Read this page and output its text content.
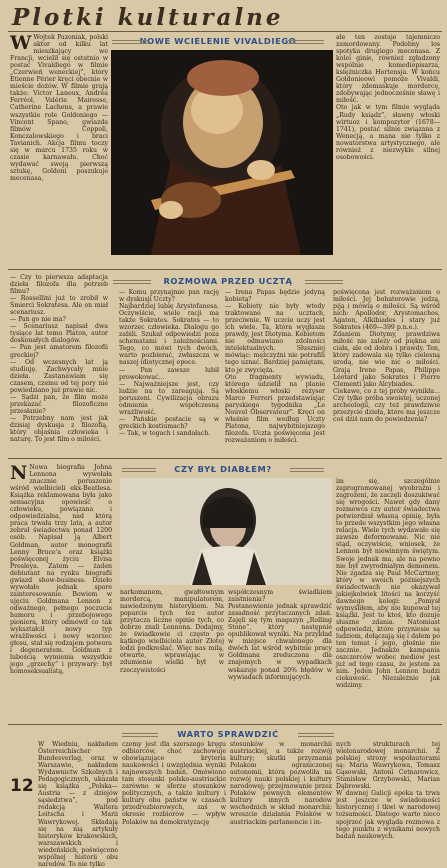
Plotki kulturalne
NOWE WCIELENIE VIVALDIEGO
W Wojtek Pazoniak, polski aktor od kilku lat mieszkający we Francji, wcielił się ostatnio w postać Vivaldiego w filmie „Czerwień weneckiej”, który Etienne Périer kręci obecnie w mieście dożów. W filmie grają także: Victor Lanoux, Andréa Ferréol, Valérie Mairesse, Catherine Lachens, a prawie wszystkie role Goldoniego — Vincent Spano, gwiazda filmów Coppoli, Konczalowskiego i braci Tavianich. Akcja filmu toczy się w marcu 1735 roku w czasie karnawału. Choć wydawać swoją pierwszą sztukę, Goldoni poszukuje mecenasa,
ale ten zostaje tajemniczo zamordowany. Podobny los spotyka drugiego mecenasa. Z kolei ginie, również zgładzony wspólnie komediopisarza, księżniczka Hortensja. W końcu Goldonieowi pomoże Vivaldi, który zdemaskuje mordercę, zdobywając jednocześnie sławę i miłość.
Oto jak w tym filmie wygląda „Rudy ksiądz”, sławny włoski wirtuoz i kompozytor (1678—1741), postać silnie związana z Wenecją, a mana nie tylko z nowatorstwa artystycznego, ale również z niezwykle silnej osobowości.
ROZMOWA PRZED UCZTĄ
— Czy to pierwsza adaptacja dzieła filozofa dla potrzeb filmu?
— Rossellini już to zrobił w Śmierci Sokratesa. Ale on miał scenariusz.
— Pan go nie ma?
— Scenariusz napisał dwa tysiące lat temu Platon, autor doskonałych dialogów.
— Pan jest amatorem filozofii greckiej?
— Od wczesnych lat ją studiuję. Zachwycały mnie dzieła. Zastanawiam się czasem, czemu od tej pory nie powiedziano już prawie nic.
— Sądzi pan, że film może przekazać filozoficzne przesłanie?
— Potrzebny nam jest jak dzisiaj dyskusja z filozofią, który objaśnia człowieka i naturę. To jest film o miłości.
— Komu przynajmie pan rację w dyskusji Uczty?
Najbardziej lubię Arystofanesa. Oczywiście, wiele racji ma także Sokrates. Sokrates — to wzorzec człowieka. Dialogu go zabili. Szukał odpowiedzi poza schematami i zależnościami. Tego, co mówi tych dwóch, warto pozbierać, zwłaszcza w naszej idiotycznej epoce.
— Pan zawsze lubił prowokować...
— Najważniejsze jest, czy ludzie na to zareagują. Są poruszeni. Cywilizacja obrazu odmienia współczesną wrażliwość.
— Pańskie postacie są w greckich kostiumach?
— Tak, w togach i sandałach.
— Irena Papas będzie jedyną kobietą?
— Kobiety nie były wtedy traktowane na ucztach, przeciwnie. W uczcie uczy jest ich wiele. Ta, która wygłasza prawdy, jest Diotyma. Kobietom nie odmawiano zdolności intelektualnych. Słuszniej mówiąc: mężczyźni nie potrafili tego uznać. Bardziej pamiętam, kto je zwycięża.
Oto fragmenty wywiadu, którego udzielił na planie włoskiemu włoski reżyser Marco Ferreri przedstawiając paryskiego tygodnika „Le Nouvel Observateur”. Kręci on właśnie film według Uczty Platona, najwybitniejszego filozofa. Uczta poświęcona jest rozważaniom o miłości.
poświęcona jest rozważaniom o miłości. Jej bohaterowie jedzą, piją i mówią o miłości. Są wśród nich: Apollodor, Arystomachos, Agaton, Alkibiades i stary już Sokrates (469—399 p.n.e.).
Zdaniem Diotymy, prawdziwa miłość nie zależy od piękna ani ciała, ale od dobra i prawdy. Ten, który zadowala się tylko cielesną urodą, nie wie nic o miłości. Grają Irene Papas, Philippe Léotard jako Sokrates i Pierre Clementi jako Alcybiades.
Ciekawe, co z tej próby wynikła... Czy tylko próba swoistej, uczonej archeologii, czy też prawdziwie przeżycie dzieła, które ma jeszcze coś dziś nam do powiedzenia?
CZY BYŁ DIABŁEM?
N Nowa biografia Johna Lennona wywołała znacznie poruszenie wśród wielbicieli ekx-Beatlesa. Książka reklamowana była jako sensacyjna opowieść o człowieku, powiązana i odpowiedzialna, nad którą praca trwała trzy lata, a autor zebrał świadectwa ponad 1200 osób. Napisał ją Albert Goldman, autor monografii Lenny Bruce'a oraz książki poświęconej życiu Elvisa Presleya. Zatem — żaden debiutant na rynku biografii gwiazd show-business. Dzieło wywołało jednak spore zainteresowanie. Bowiem w ujęciu Goldmana Lennon z odważnego, pełnego poczucia humoru i przebojowego pioniera, który odmówił co tak wykształcił nowy typ wrażliwości i nowy wzorzec głosu, stał się rodzajem potwora i degeneratem. Goldman z lubością wymienia wszystkie jego „grzechy” i przywary: był homoseksualistą,
narkomanem, gwałtownym mordercą, manipulatorem, nawiedzonym histerykiem. Na poparcie tych tez autor przytacza liczne opinie tych, co dobrze znali Lennona. Dodajmy, że świadkowie ci często po kątkogo wielbiciela autor Złotej lodzi podkreślać. Więc nas milą, otwarte, wprawiając w zdumienie wielki był w rzeczywistości
współczesnym świadkiem zaistnienia?
Postanowienie jednak sprawdzić zasadność przytaczanych zdań. Zajęli się tym magazyn „Rolling Stone”, który następnie opublikował wyniki. Na przykład w miejsce chwalonego dla dwóch lat wśród wybitnie pracy Goldmana zreduczona dla znajomych w wypadkach wskazuje ponad 20% błędów w wywiadach informujących.
im się, szczególnie zaprogramowanej wyobraźni i zagrożeni, że zaczęli doszukiwać się wrogości. Nawet gdy dany rozmówca czy autor świadectwa potwierdzał własną opinię, była to przede wszystkim jego własna relacja. Wiele tych wydawało się zawsze deformowane. Nic nie stąd, oczywiście, wniosek, że Lennon był niewinnym świętym. Swoje jednak ma, ale na pewno nie był zwyrodnialym demonem. Nie zgadza się Paul McCartney, który w swoich późniejszych świadectwach nie okazywał jakiejkolwiek litości na korzyść dawnego kolegi: „Pomysł wymyśliłem, aby nie kupował tej książki. Jest to ktoś, kto dozuje słuszne zdania. Natomiast odpowiedzi, które przyniesie są ludziom, dołączają się i dałem po ten temat i jego, głośnie nie zacznie. Jednakże kampania oszczerców wobec mediów jest już od tego czasu, że jestem za nim. Jeden John Lennon budzi ciekawość. Niezależnie jak widzimy.
WARTO SPRAWDZIĆ
W Wiedniu, nakładem Österreichischer Bundesverlag, oraz w Warszawie, nakładem Wydawnictw Szkolnych i Pedagogicznych, ukazała się książka „Polska—Austria — z dziejów sąsiedztwa”, pod redakcją Walterа Leitscha i Marii Wawrykowej. Składają się na nią artykuły historyków krakowskich, warszawskich i wiedeńskich, poświęcone wspólnej historii obu narodów. To nie tylko
czemy jest dla szerszego kręgu odbiorców, choć zachowuje obowiązujące kryteria naukowości i uwzględnia wyniki najnowszych badań. Omówiono tam stosunki polsko-austriackie zarówno w sferze stosunków politycznych, a także kultury i kultury obu państw w czasach przedrozbiorowych, zaś w okresie rozbiorów — wpływ Polaków na demokratyzację
stosunków w monarchii austriackiej, a także rozwój kultury; skutki przyznania Polakom ograniczonej autonomii, która pozwoliła na rozwój nauki polskiej i kultury narodowej; przejmowanie przez Polaków pewnych elementów kultury innych narodów wschodnich w skład monarchii; wreszcie działania Polaków w austriackim parlamencie i in-
nych strukturach tej wielonarodowej monarchii. Z polskiej strony współautorami są: Maria Wawrykowa, Tomasz Gąsowski, Antoni Cetnarowicz, Stanisław Grzybowski, Marian Dąbrowski.
W dawnej Galicji epoka ta trwa jest jeszcze w świadomości historycznej i tkwi w narodowej tożsamości. Dlatego warto nieco spojrzeć jak wygląda rozmowa z tego punktu z wynikami nowych badań naukowych.
12
